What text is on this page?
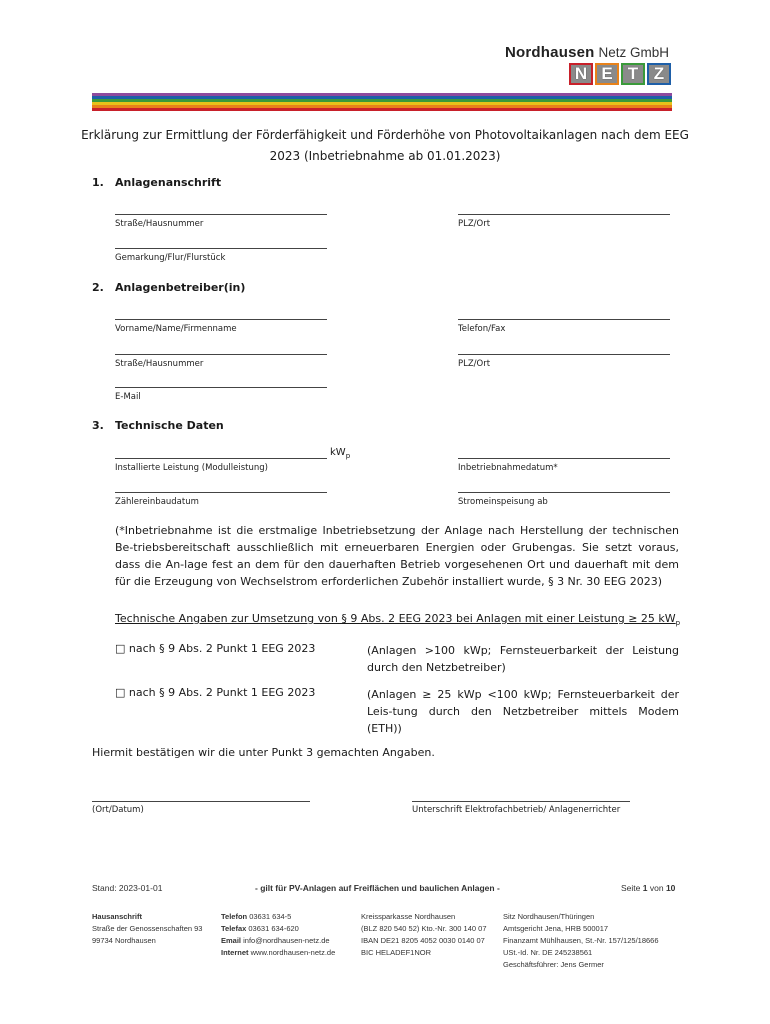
Nordhausen Netz GmbH
N E T Z
Erklärung zur Ermittlung der Förderfähigkeit und Förderhöhe von Photovoltaikanlagen nach dem EEG 2023 (Inbetriebnahme ab 01.01.2023)
1. Anlagenanschrift
Straße/Hausnummer	PLZ/Ort
Gemarkung/Flur/Flurstück
2. Anlagenbetreiber(in)
Vorname/Name/Firmenname	Telefon/Fax
Straße/Hausnummer	PLZ/Ort
E-Mail
3. Technische Daten
$kW_p$
Installierte Leistung (Modulleistung)	Inbetriebnahmedatum*
Zählereinbaudatum	Stromeinspeisung ab
(*Inbetriebnahme ist die erstmalige Inbetriebsetzung der Anlage nach Herstellung der technischen Be-triebsbereitschaft ausschließlich mit erneuerbaren Energien oder Grubengas. Sie setzt voraus, dass die An-lage fest an dem für den dauerhaften Betrieb vorgesehenen Ort und dauerhaft mit dem für die Erzeugung von Wechselstrom erforderlichen Zubehör installiert wurde, § 3 Nr. 30 EEG 2023)
Technische Angaben zur Umsetzung von § 9 Abs. 2 EEG 2023 bei Anlagen mit einer Leistung ≥ 25 $kW_p$
□ nach § 9 Abs. 2 Punkt 1 EEG 2023	(Anlagen >100 kWp; Fernsteuerbarkeit der Leistung durch den Netzbetreiber)
□ nach § 9 Abs. 2 Punkt 1 EEG 2023	(Anlagen ≥ 25 kWp <100 kWp; Fernsteuerbarkeit der Leis-tung durch den Netzbetreiber mittels Modem (ETH))
Hiermit bestätigen wir die unter Punkt 3 gemachten Angaben.
(Ort/Datum)	Unterschrift Elektrofachbetrieb/ Anlagenerrichter
Stand: 2023-01-01	- gilt für PV-Anlagen auf Freiflächen und baulichen Anlagen -	Seite 1 von 10
Hausanschrift
Straße der Genossenschaften 93
99734 Nordhausen
Telefon 03631 634-5
Telefax 03631 634-620
Email info@nordhausen-netz.de
Internet www.nordhausen-netz.de
Kreissparkasse Nordhausen
(BLZ 820 540 52) Kto.-Nr. 300 140 07
IBAN DE21 8205 4052 0030 0140 07
BIC HELADEF1NOR
Sitz Nordhausen/Thüringen
Amtsgericht Jena, HRB 500017
Finanzamt Mühlhausen, St.-Nr. 157/125/18666
USt.-Id. Nr. DE 245238561
Geschäftsführer: Jens Germer
